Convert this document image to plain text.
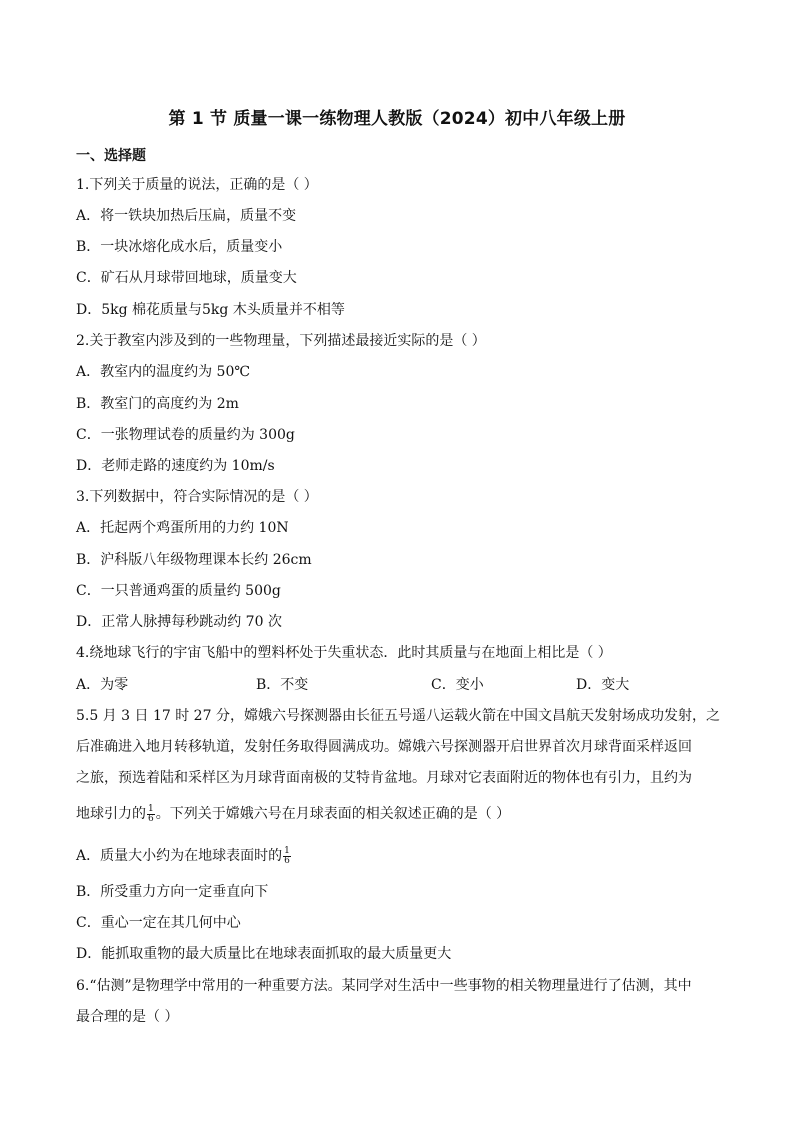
第 1 节 质量一课一练物理人教版（2024）初中八年级上册
一、选择题
1.下列关于质量的说法，正确的是（ ）
A．将一铁块加热后压扁，质量不变
B．一块冰熔化成水后，质量变小
C．矿石从月球带回地球，质量变大
D．5kg 棉花质量与5kg 木头质量并不相等
2.关于教室内涉及到的一些物理量，下列描述最接近实际的是（ ）
A．教室内的温度约为 50℃
B．教室门的高度约为 2m
C．一张物理试卷的质量约为 300g
D．老师走路的速度约为 10m/s
3.下列数据中，符合实际情况的是（ ）
A．托起两个鸡蛋所用的力约 10N
B．沪科版八年级物理课本长约 26cm
C．一只普通鸡蛋的质量约 500g
D．正常人脉搏每秒跳动约 70 次
4.绕地球飞行的宇宙飞船中的塑料杯处于失重状态．此时其质量与在地面上相比是（ ）
A．为零	B．不变	C．变小	D．变大
5.5 月 3 日 17 时 27 分，嫦娥六号探测器由长征五号遥八运载火箭在中国文昌航天发射场成功发射，之
后准确进入地月转移轨道，发射任务取得圆满成功。嫦娥六号探测器开启世界首次月球背面采样返回
之旅，预选着陆和采样区为月球背面南极的艾特肯盆地。月球对它表面附近的物体也有引力，且约为
地球引力的 $\frac{1}{6}$ 。下列关于嫦娥六号在月球表面的相关叙述正确的是（ ）
A．质量大小约为在地球表面时的 $\frac{1}{6}$
B．所受重力方向一定垂直向下
C．重心一定在其几何中心
D．能抓取重物的最大质量比在地球表面抓取的最大质量更大
6.“估测”是物理学中常用的一种重要方法。某同学对生活中一些事物的相关物理量进行了估测，其中
最合理的是（ ）
